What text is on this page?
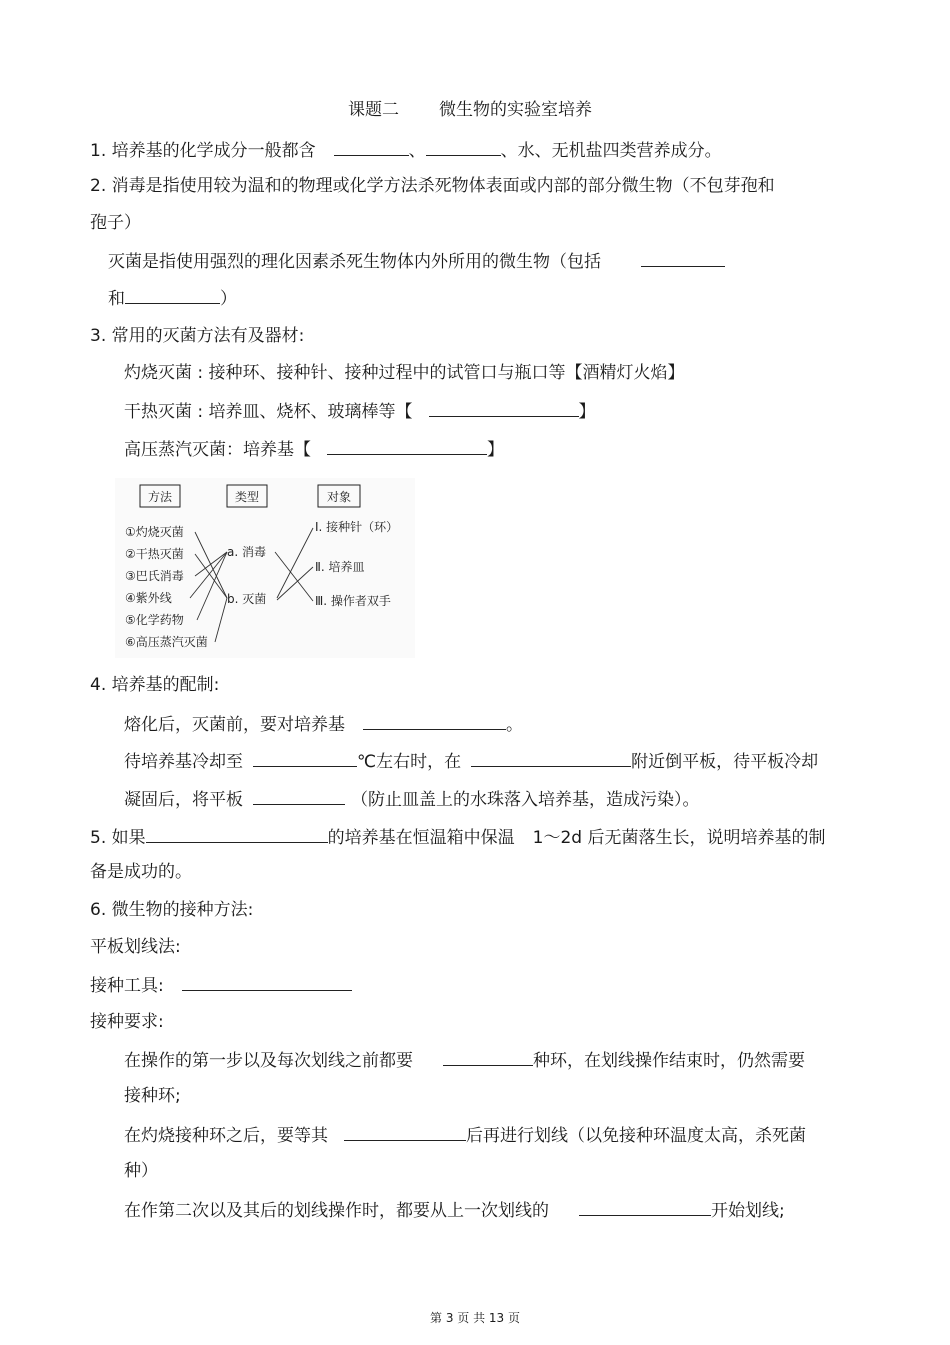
课题二 微生物的实验室培养
1. 培养基的化学成分一般都含	、	、水、无机盐四类营养成分。
2. 消毒是指使用较为温和的物理或化学方法杀死物体表面或内部的部分微生物（不包芽孢和
孢子）
灭菌是指使用强烈的理化因素杀死生物体内外所用的微生物（包括
和	）
3. 常用的灭菌方法有及器材:
灼烧灭菌 : 接种环、接种针、接种过程中的试管口与瓶口等【酒精灯火焰】
干热灭菌 : 培养皿、烧杯、玻璃棒等【	】
高压蒸汽灭菌：培养基【	】
方法	类型	对象
①灼烧灭菌
②干热灭菌
③巴氏消毒
④紫外线
⑤化学药物
⑥高压蒸汽灭菌
a. 消毒
b. 灭菌
Ⅰ. 接种针（环）
Ⅱ. 培养皿
Ⅲ. 操作者双手
4. 培养基的配制:
熔化后，灭菌前，要对培养基	。
待培养基冷却至	℃左右时，在	附近倒平板，待平板冷却
凝固后，将平板	（防止皿盖上的水珠落入培养基，造成污染）。
5. 如果	的培养基在恒温箱中保温 1～2d 后无菌落生长，说明培养基的制
备是成功的。
6. 微生物的接种方法:
平板划线法:
接种工具:
接种要求:
在操作的第一步以及每次划线之前都要	种环，在划线操作结束时，仍然需要
接种环;
在灼烧接种环之后，要等其	后再进行划线（以免接种环温度太高，杀死菌
种）
在作第二次以及其后的划线操作时，都要从上一次划线的	开始划线;
第 3 页 共 13 页
